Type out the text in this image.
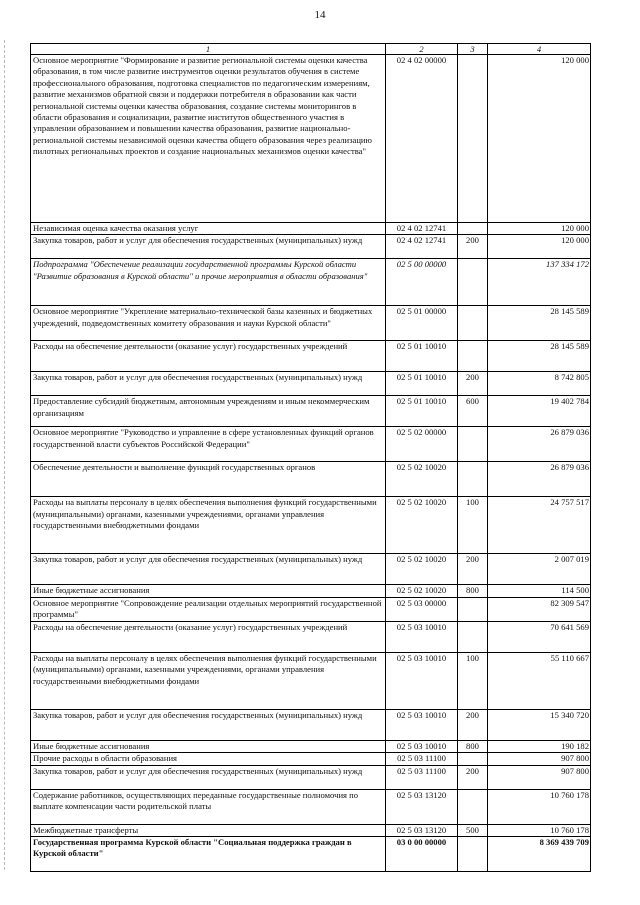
14
1	2	3	4
Основное мероприятие "Формирование и развитие региональной системы оценки качества образования, в том числе развитие инструментов оценки результатов обучения в системе профессионального образования, подготовка специалистов по педагогическим измерениям, развитие механизмов обратной связи и поддержки потребителя в образовании как части региональной системы оценки качества образования, создание системы мониторингов в области образования и социализации, развитие институтов общественного участия в управлении образованием и повышении качества образования, развитие национально-региональной системы независимой оценки качества общего образования через реализацию пилотных региональных проектов и создание национальных механизмов оценки качества"	02 4 02 00000		120 000
Независимая оценка качества оказания услуг	02 4 02 12741		120 000
Закупка товаров, работ и услуг для обеспечения государственных (муниципальных) нужд	02 4 02 12741	200	120 000
Подпрограмма "Обеспечение реализации государственной программы Курской области "Развитие образования в Курской области" и прочие мероприятия в области образования"	02 5 00 00000		137 334 172
Основное мероприятие "Укрепление материально-технической базы казенных и бюджетных учреждений, подведомственных комитету образования и науки Курской области"	02 5 01 00000		28 145 589
Расходы на обеспечение деятельности (оказание услуг) государственных учреждений	02 5 01 10010		28 145 589
Закупка товаров, работ и услуг для обеспечения государственных (муниципальных) нужд	02 5 01 10010	200	8 742 805
Предоставление субсидий бюджетным, автономным учреждениям и иным некоммерческим организациям	02 5 01 10010	600	19 402 784
Основное мероприятие "Руководство и управление в сфере установленных функций органов государственной власти субъектов Российской Федерации"	02 5 02 00000		26 879 036
Обеспечение деятельности и выполнение функций государственных органов	02 5 02 10020		26 879 036
Расходы на выплаты персоналу в целях обеспечения выполнения функций государственными (муниципальными) органами, казенными учреждениями, органами управления государственными внебюджетными фондами	02 5 02 10020	100	24 757 517
Закупка товаров, работ и услуг для обеспечения государственных (муниципальных) нужд	02 5 02 10020	200	2 007 019
Иные бюджетные ассигнования	02 5 02 10020	800	114 500
Основное мероприятие "Сопровождение реализации отдельных мероприятий государственной программы"	02 5 03 00000		82 309 547
Расходы на обеспечение деятельности (оказание услуг) государственных учреждений	02 5 03 10010		70 641 569
Расходы на выплаты персоналу в целях обеспечения выполнения функций государственными (муниципальными) органами, казенными учреждениями, органами управления государственными внебюджетными фондами	02 5 03 10010	100	55 110 667
Закупка товаров, работ и услуг для обеспечения государственных (муниципальных) нужд	02 5 03 10010	200	15 340 720
Иные бюджетные ассигнования	02 5 03 10010	800	190 182
Прочие расходы в области образования	02 5 03 11100		907 800
Закупка товаров, работ и услуг для обеспечения государственных (муниципальных) нужд	02 5 03 11100	200	907 800
Содержание работников, осуществляющих переданные государственные полномочия по выплате компенсации части родительской платы	02 5 03 13120		10 760 178
Межбюджетные трансферты	02 5 03 13120	500	10 760 178
Государственная программа Курской области "Социальная поддержка граждан в Курской области"	03 0 00 00000		8 369 439 709
